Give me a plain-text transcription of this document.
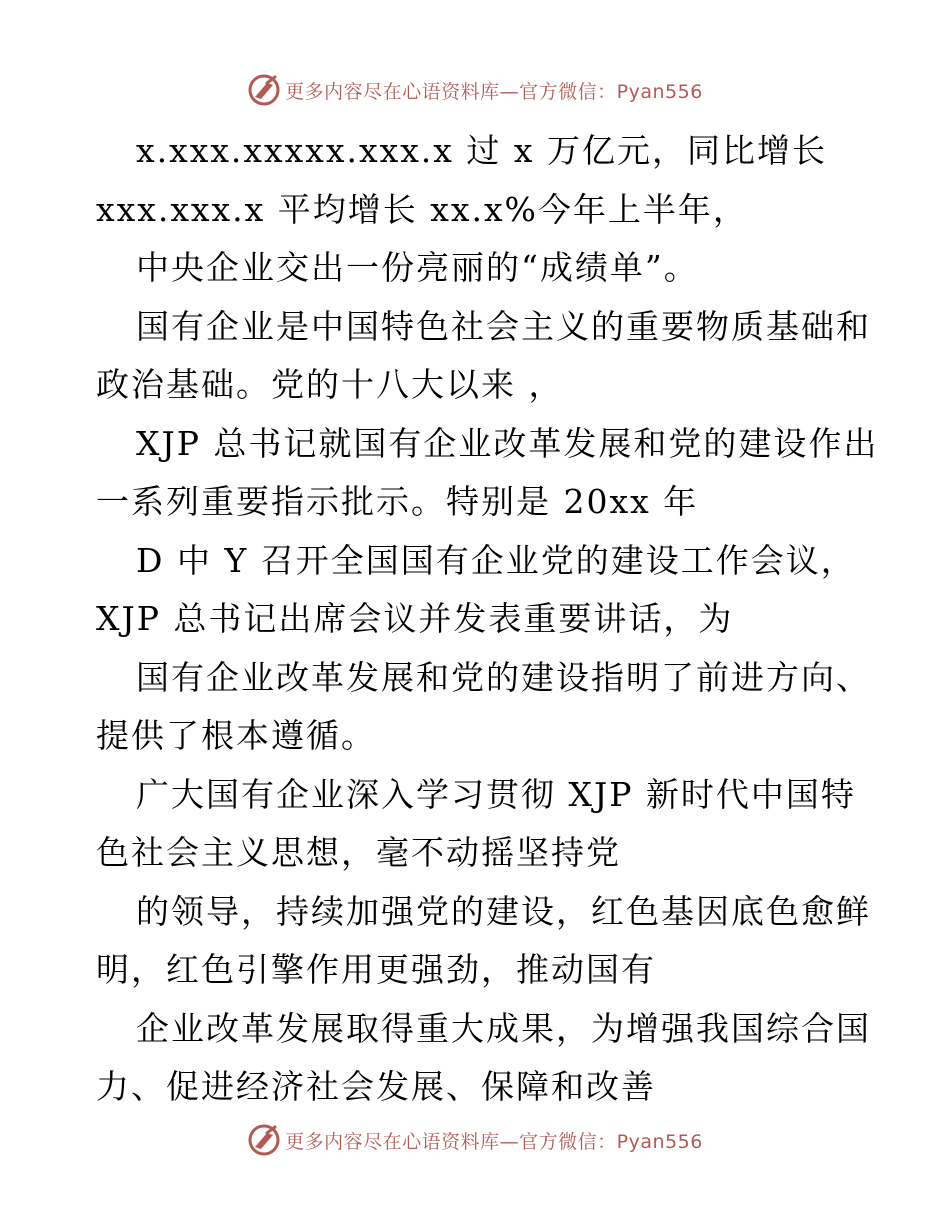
更多内容尽在心语资料库—官方微信：Pyan556
x.xxx.xxxxx.xxx.x 过 x 万亿元，同比增长
xxx.xxx.x 平均增长 xx.x%今年上半年，
中央企业交出一份亮丽的“成绩单”。
国有企业是中国特色社会主义的重要物质基础和
政治基础。党的十八大以来 ，
XJP 总书记就国有企业改革发展和党的建设作出
一系列重要指示批示。特别是 20xx 年
D 中 Y 召开全国国有企业党的建设工作会议，
XJP 总书记出席会议并发表重要讲话，为
国有企业改革发展和党的建设指明了前进方向、
提供了根本遵循。
广大国有企业深入学习贯彻 XJP 新时代中国特
色社会主义思想，毫不动摇坚持党
的领导，持续加强党的建设，红色基因底色愈鲜
明，红色引擎作用更强劲，推动国有
企业改革发展取得重大成果，为增强我国综合国
力、促进经济社会发展、保障和改善
更多内容尽在心语资料库—官方微信：Pyan556
